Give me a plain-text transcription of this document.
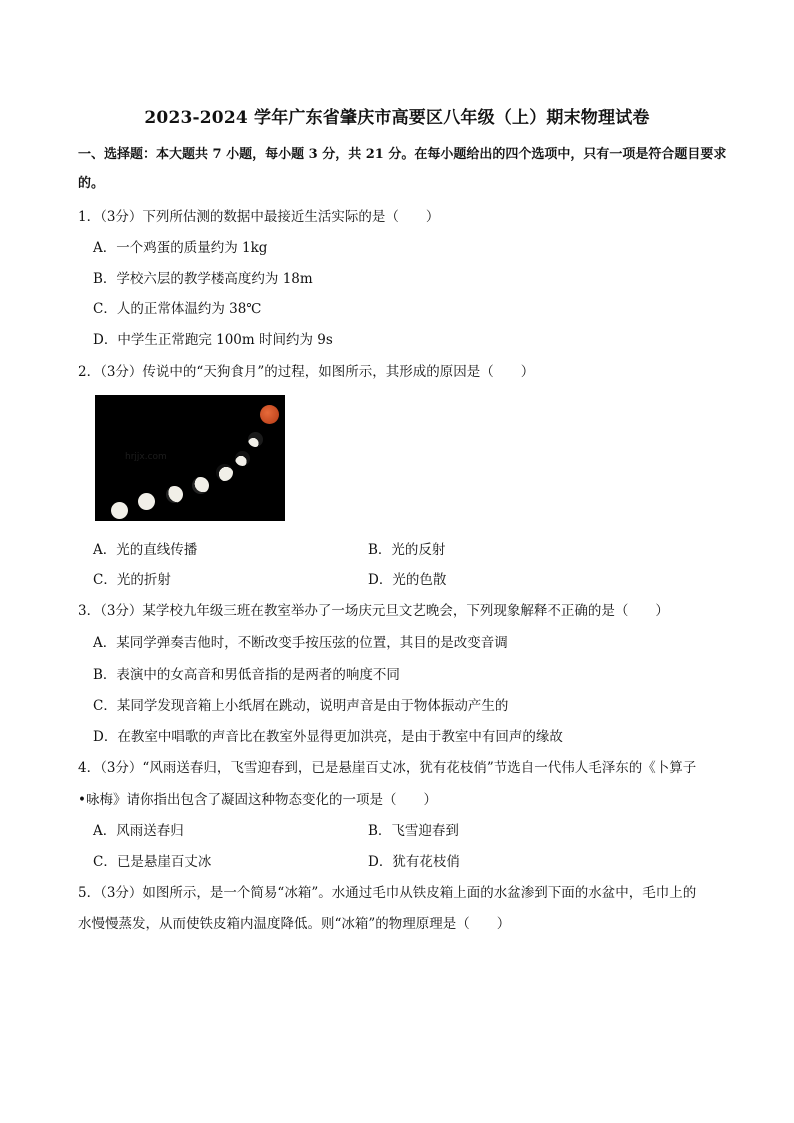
2023-2024 学年广东省肇庆市高要区八年级（上）期末物理试卷
一、选择题：本大题共 7 小题，每小题 3 分，共 21 分。在每小题给出的四个选项中，只有一项是符合题目要求的。
1．（3分）下列所估测的数据中最接近生活实际的是（　　）
A．一个鸡蛋的质量约为 1kg
B．学校六层的教学楼高度约为 18m
C．人的正常体温约为 38℃
D．中学生正常跑完 100m 时间约为 9s
2．（3分）传说中的“天狗食月”的过程，如图所示，其形成的原因是（　　）
hrjjx.com
A．光的直线传播	B．光的反射
C．光的折射	D．光的色散
3．（3分）某学校九年级三班在教室举办了一场庆元旦文艺晚会，下列现象解释不正确的是（　　）
A．某同学弹奏吉他时，不断改变手按压弦的位置，其目的是改变音调
B．表演中的女高音和男低音指的是两者的响度不同
C．某同学发现音箱上小纸屑在跳动，说明声音是由于物体振动产生的
D．在教室中唱歌的声音比在教室外显得更加洪亮，是由于教室中有回声的缘故
4．（3分）“风雨送春归，飞雪迎春到，已是悬崖百丈冰，犹有花枝俏”节选自一代伟人毛泽东的《卜算子
•咏梅》请你指出包含了凝固这种物态变化的一项是（　　）
A．风雨送春归	B．飞雪迎春到
C．已是悬崖百丈冰	D．犹有花枝俏
5．（3分）如图所示，是一个简易“冰箱”。水通过毛巾从铁皮箱上面的水盆渗到下面的水盆中，毛巾上的
水慢慢蒸发，从而使铁皮箱内温度降低。则“冰箱”的物理原理是（　　）
